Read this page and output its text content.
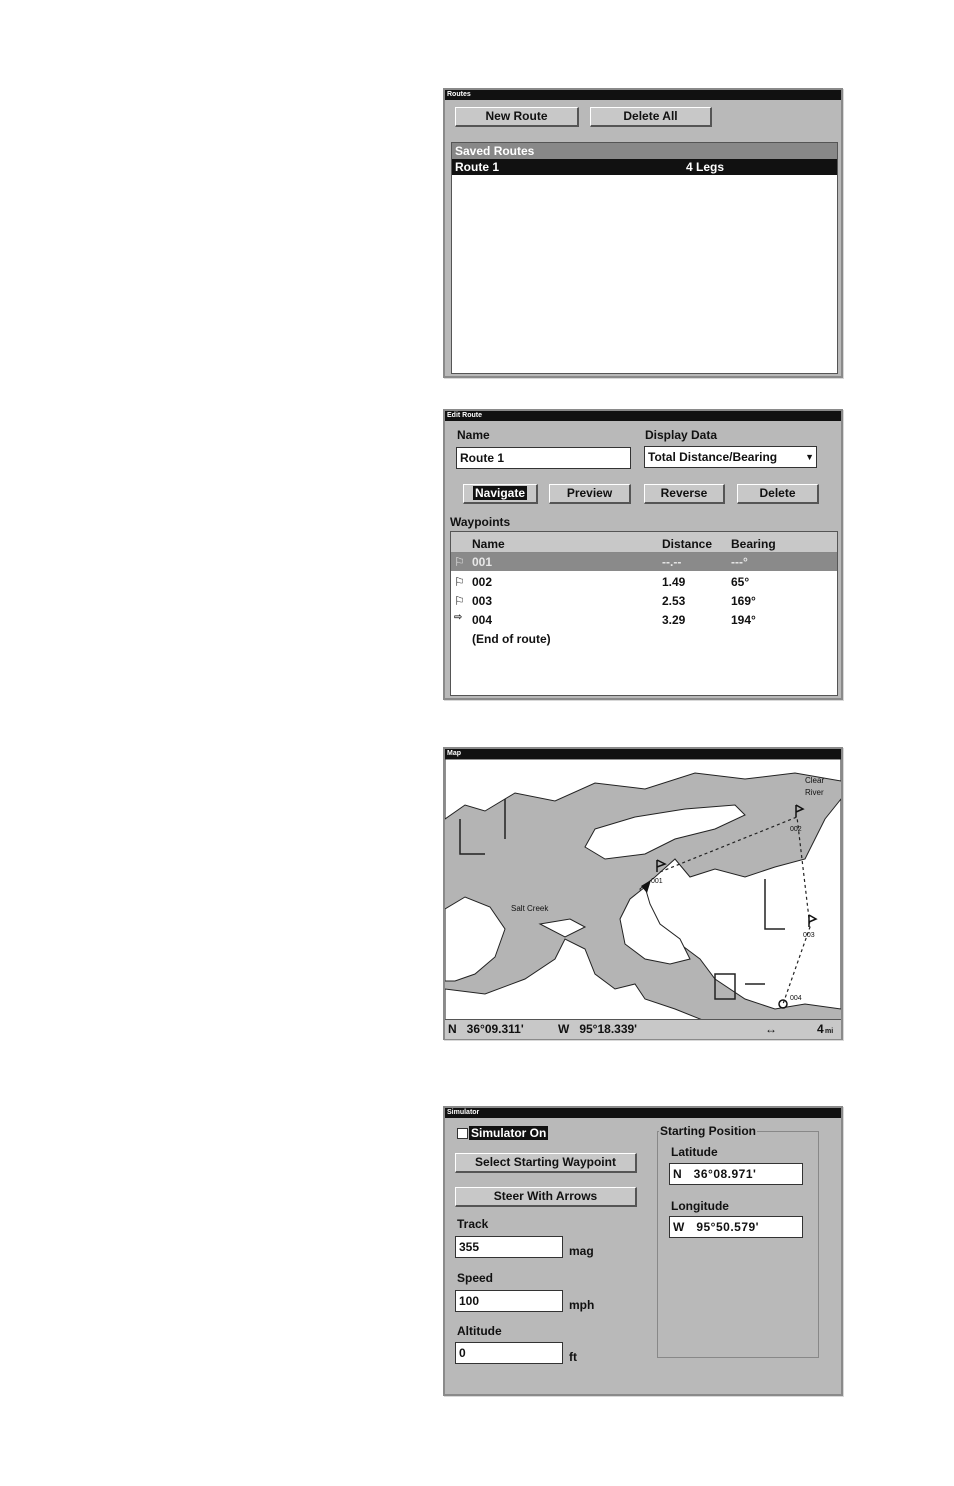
Routes
New Route	Delete All
Saved Routes
Route 1	4 Legs
Edit Route
Name
Route 1
Display Data
Total Distance/Bearing	▼
Navigate	Preview	Reverse	Delete
Waypoints
Name	Distance Bearing
⚐ 001	--.--	---°
⚐ 002	1.49	65°
⚐ 003	2.53	169°
⇨ 004	3.29	194°
(End of route)
Map
001
002
003
004
Salt Creek
Clear
River
N   36°09.311'	W   95°18.339'	↔	4 mi
Simulator
Simulator On
Select Starting Waypoint
Steer With Arrows
Track
355	mag
Speed
100	mph
Altitude
0	ft
Starting Position
Latitude
N   36°08.971'
Longitude
W   95°50.579'
